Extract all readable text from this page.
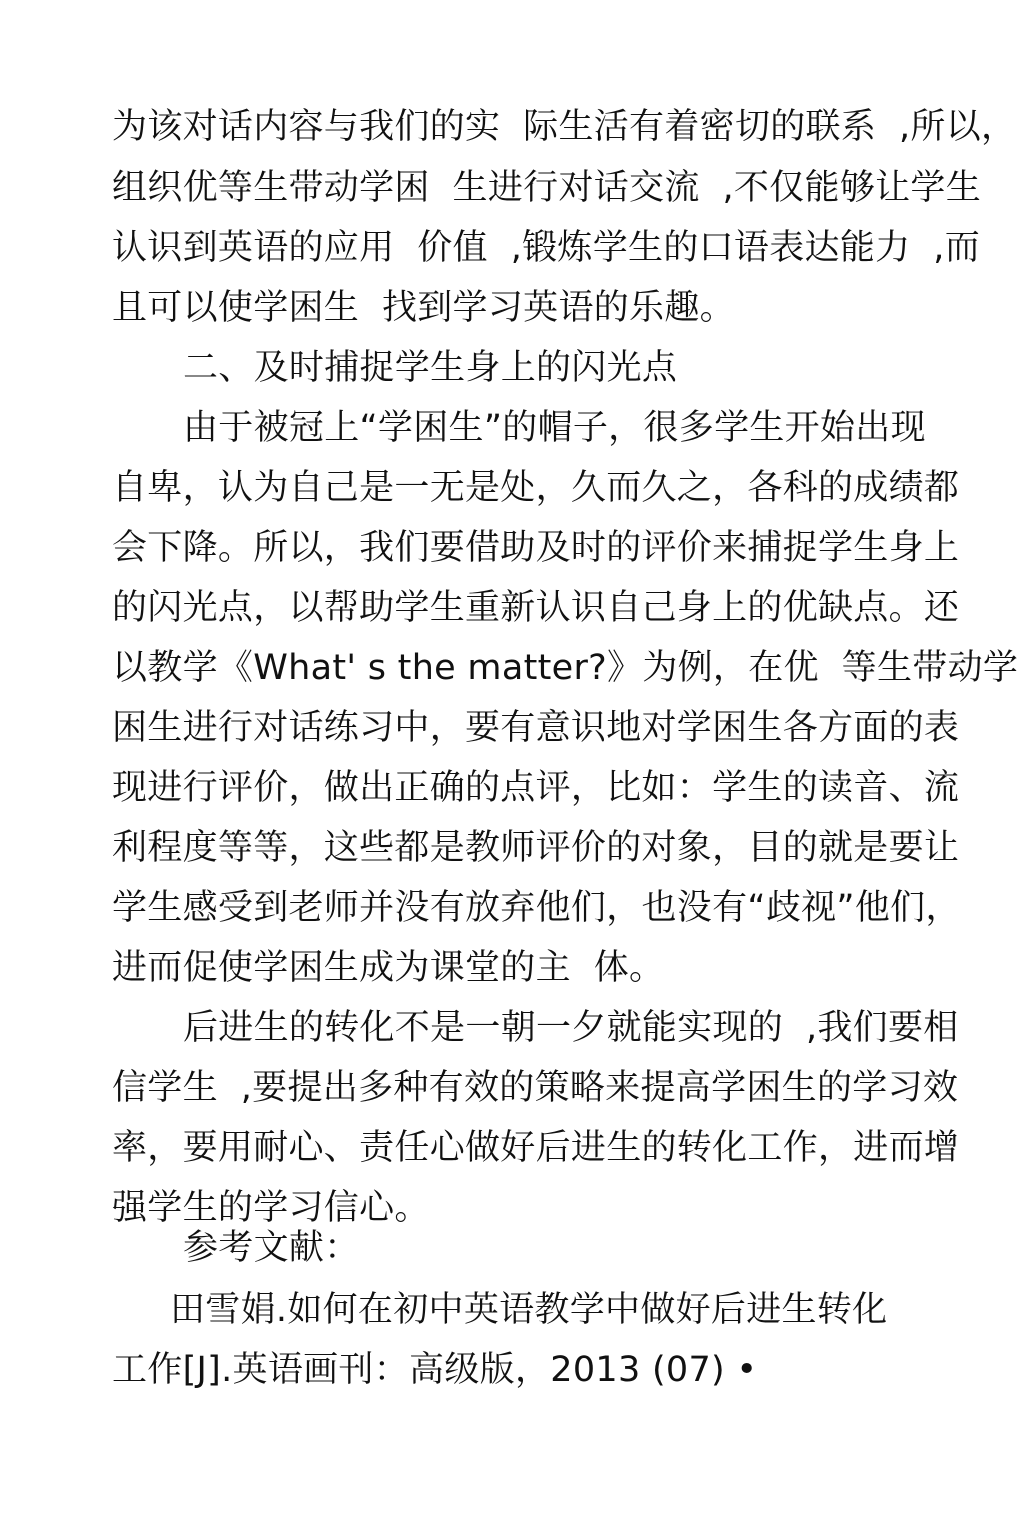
为该对话内容与我们的实  际生活有着密切的联系  ,所以，
组织优等生带动学困  生进行对话交流  ,不仅能够让学生
认识到英语的应用  价值  ,锻炼学生的口语表达能力  ,而
且可以使学困生  找到学习英语的乐趣。
二、及时捕捉学生身上的闪光点
由于被冠上“学困生”的帽子，很多学生开始出现
自卑，认为自己是一无是处，久而久之，各科的成绩都
会下降。所以，我们要借助及时的评价来捕捉学生身上
的闪光点，以帮助学生重新认识自己身上的优缺点。还
以教学《What' s the matter?》为例，在优  等生带动学
困生进行对话练习中，要有意识地对学困生各方面的表
现进行评价，做出正确的点评，比如：学生的读音、流
利程度等等，这些都是教师评价的对象，目的就是要让
学生感受到老师并没有放弃他们，也没有“歧视”他们，
进而促使学困生成为课堂的主  体。
后进生的转化不是一朝一夕就能实现的  ,我们要相
信学生  ,要提出多种有效的策略来提高学困生的学习效
率，要用耐心、责任心做好后进生的转化工作，进而增
强学生的学习信心。
参考文献：
田雪娟.如何在初中英语教学中做好后进生转化
工作[J].英语画刊：高级版，2013 (07) •
